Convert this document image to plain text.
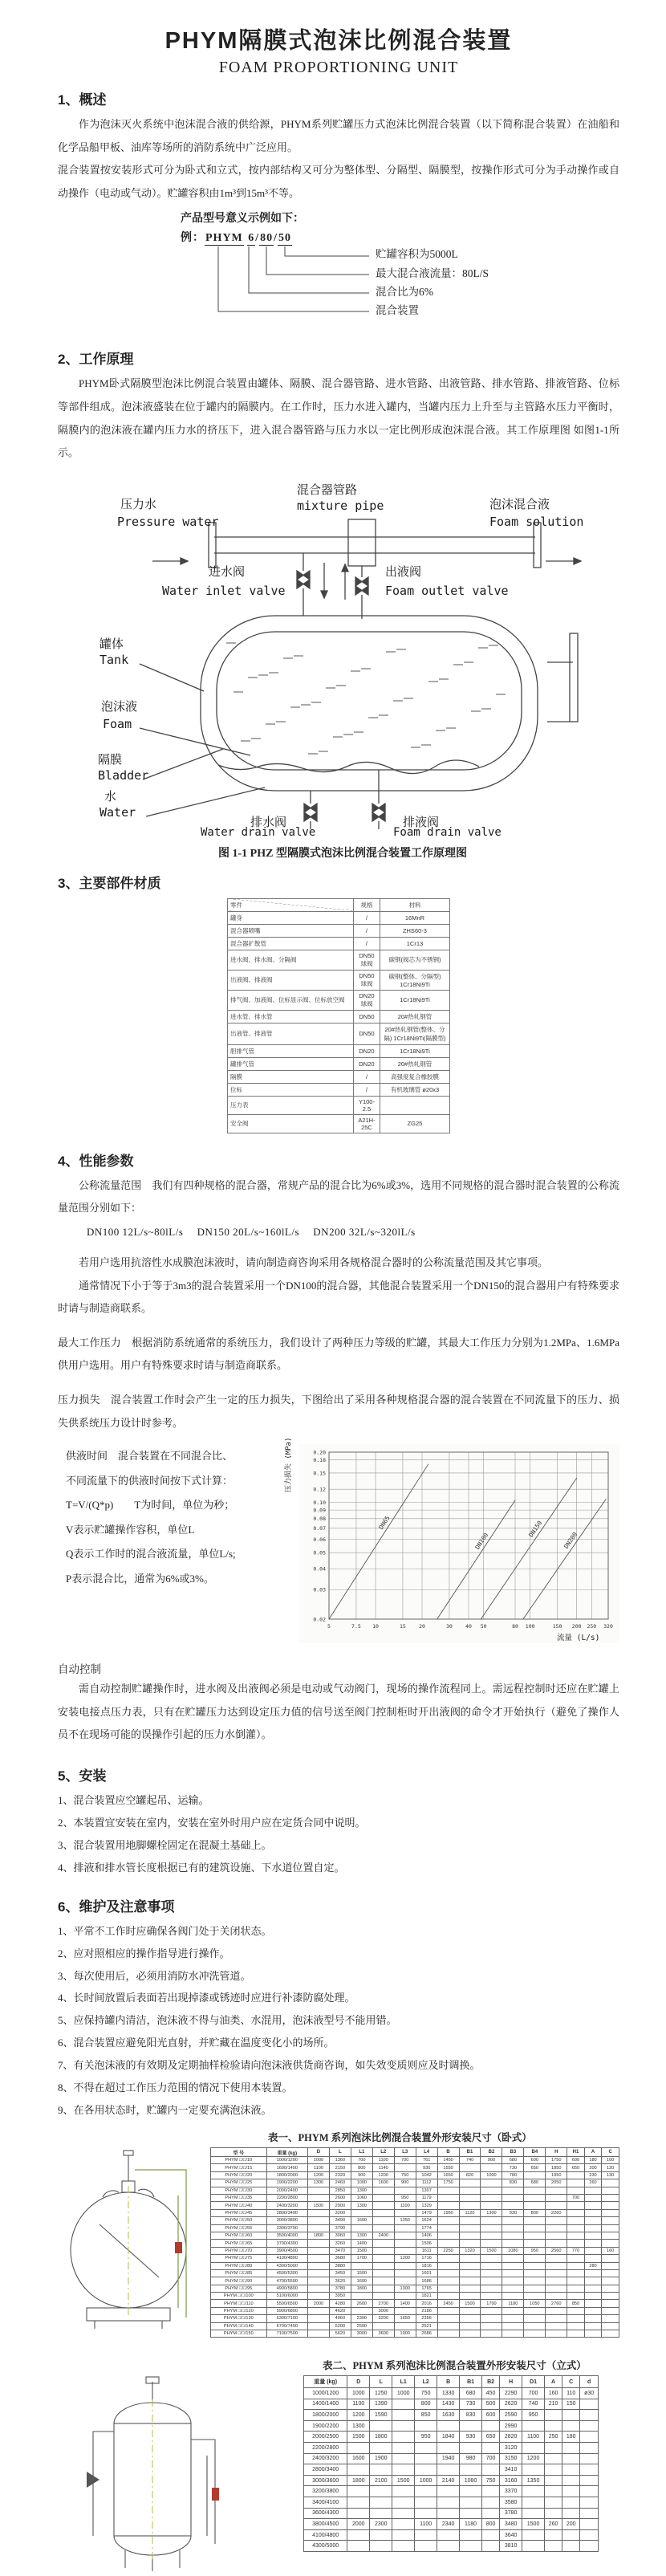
PHYM隔膜式泡沫比例混合装置
FOAM PROPORTIONING UNIT
1、概述
作为泡沫灭火系统中泡沫混合液的供给源，PHYM系列贮罐压力式泡沫比例混合装置（以下简称混合装置）在油船和化学品船甲板、油库等场所的消防系统中广泛应用。
混合装置按安装形式可分为卧式和立式，按内部结构又可分为整体型、分隔型、隔膜型，按操作形式可分为手动操作或自动操作（电动或气动）。贮罐容积由1m³到15m³不等。
产品型号意义示例如下：
例：PHYM 6/80/50
贮罐容积为5000L
最大混合液流量：80L/S
混合比为6%
混合装置
2、工作原理
PHYM卧式隔膜型泡沫比例混合装置由罐体、隔膜、混合器管路、进水管路、出液管路、排水管路、排液管路、位标等部件组成。泡沫液盛装在位于罐内的隔膜内。在工作时，压力水进入罐内，当罐内压力上升至与主管路水压力平衡时，隔膜内的泡沫液在罐内压力水的挤压下，进入混合器管路与压力水以一定比例形成泡沫混合液。其工作原理图 如图1-1所示。
压力水
Pressure water
混合器管路
mixture pipe	泡沫混合液
Foam solution
进水阀
Water inlet valve
出液阀
Foam outlet valve
罐体
Tank
泡沫液
Foam
隔膜
Bladder
水
Water
排水阀
Water drain valve
排液阀
Foam drain valve
图 1-1 PHZ 型隔膜式泡沫比例混合装置工作原理图
3、主要部件材质
零件	规格	材料
罐身	/	16MnR
混合器喷嘴	/	ZHS60-3
混合器扩散管	/	1Cr13
进水阀、排水阀、分隔阀	DN50 球阀	碳钢(阀芯为不锈钢)
出液阀、排液阀	DN50 球阀	碳钢(整体、分隔型) 1Cr18Ni9Ti
排气阀、加液阀、位标显示阀、位标放空阀	DN20 球阀	1Cr18Ni9Ti
进水管、排水管	DN50	20#热轧钢管
出液管、排液管	DN50	20#热轧钢管(整体、分隔) 1Cr18Ni9Ti(隔膜型)
胆排气管	DN20	1Cr18Ni9Ti
罐排气管	DN20	20#热轧钢管
隔膜	/	高强度复合橡胶膜
位标	/	有机玻璃管 ø20x3
压力表	Y100-2.5	
安全阀	A21H-25C	ZG25
4、性能参数
公称流量范围　我们有四种规格的混合器，常规产品的混合比为6%或3%，选用不同规格的混合器时混合装置的公称流量范围分别如下：
DN100 12L/s~80lL/s　 DN150 20L/s~160lL/s　 DN200 32L/s~320lL/s
若用户选用抗溶性水成膜泡沫液时，请向制造商咨询采用各规格混合器时的公称流量范围及其它事项。
通常情况下小于等于3m3的混合装置采用一个DN100的混合器，其他混合装置采用一个DN150的混合器用户有特殊要求时请与制造商联系。
最大工作压力　根据消防系统通常的系统压力，我们设计了两种压力等级的贮罐，其最大工作压力分别为1.2MPa、1.6MPa供用户选用。用户有特殊要求时请与制造商联系。
压力损失　混合装置工作时会产生一定的压力损失，下图给出了采用各种规格混合器的混合装置在不同流量下的压力、损失供系统压力设计时参考。
供液时间　混合装置在不同混合比、
不同流量下的供液时间按下式计算：
T=V/(Q*p)　　T为时间，单位为秒；
V表示贮罐操作容积，单位L
Q表示工作时的混合液流量，单位L/s;
P表示混合比，通常为6%或3%。
压力损失 (MPa)
5	7.5 10	15 20	30 40 50	80 100	150 200 250 320
0.02
0.03
0.04
0.05
0.06
0.07
0.08
0.09
0.10
0.12
0.15
0.18
0.20
DN65
DN100
DN150
DN200
流量 (L/s)
自动控制
需自动控制贮罐操作时，进水阀及出液阀必须是电动或气动阀门，现场的操作流程同上。需远程控制时还应在贮罐上安装电接点压力表，只有在贮罐压力达到设定压力值的信号送至阀门控制柜时开出液阀的命令才开始执行（避免了操作人员不在现场可能的误操作引起的压力水倒灌）。
5、安装
1、混合装置应空罐起吊、运输。
2、本装置宜安装在室内，安装在室外时用户应在定货合同中说明。
3、混合装置用地脚螺栓固定在混凝土基础上。
4、排液和排水管长度根据已有的建筑设施、下水道位置自定。
6、维护及注意事项
1、平常不工作时应确保各阀门处于关闭状态。
2、应对照相应的操作指导进行操作。
3、每次使用后，必须用消防水冲洗管道。
4、长时间放置后表面若出现掉漆或锈迹时应进行补漆防腐处理。
5、应保持罐内清洁，泡沫液不得与油类、水混用，泡沫液型号不能用错。
6、混合装置应避免阳光直射，并贮藏在温度变化小的场所。
7、有关泡沫液的有效期及定期抽样检验请向泡沫液供货商咨询，如失效变质则应及时调换。
8、不得在超过工作压力范围的情况下使用本装置。
9、在各用状态时，贮罐内一定要充满泡沫液。
表一、PHYM 系列泡沫比例混合装置外形安装尺寸（卧式）
型 号	重量 (kg)	D	L	L1	L2	L3	L4	B	B1	B2	B3	B4	H	H1	A	C
PHYM □/□/10	1000/1200	1000	1360	700	1100	700	761	1450	740	900	680	600	1750	600	180	100
PHYM □/□/15	1600/1400	1100	2150	800	1140		930	1550			730	650	1850	650	200	120
PHYM □/□/20	1800/2000	1200	2320	900	1200	750	1042	1650	820	1000	780		1950		230	130
PHYM □/□/25	1900/2200	1300	2460	1000	1600	900	1112	1750			830	680	2050		260	
PHYM □/□/30	2000/2400		2850	1300			1307									
PHYM □/□/35	2200/2800		2600	1060		950	1179							700		
PHYM □/□/40	2400/3200	1500	2900	1300		1100	1329									
PHYM □/□/45	2800/3400		3200				1479	1950	1120	1300	930	800	2260			
PHYM □/□/50	3000/3800		3490	1600		1250	1624									
PHYM □/□/55	3300/3700		3790				1774									
PHYM □/□/60	3500/4000	1800	3060	1300	2400		1406									
PHYM □/□/65	3700/4300		3260	1400			1506									
PHYM □/□/70	3900/4500		3470	1500			1611	2250	1320	1500	1080	950	2560	770		160
PHYM □/□/75	4100/4800		3680	1700		1200	1716									
PHYM □/□/80	4300/5000		3880				1816								280	
PHYM □/□/85	4500/5300		3450	1500			1601									
PHYM □/□/90	4700/5500		3620	1600			1686									
PHYM □/□/95	4900/5800		3780	1800		1300	1765									
PHYM □/□/100	5100/6000		3950				1821									
PHYM □/□/110	5500/6500	2000	4280	2600	2700	1400	2016	2450	1500	1700	1180	1050	2760	850		
PHYM □/□/120	5900/6800		4620		3000		2186									
PHYM □/□/130	6300/7100		4960	2300	3200	1650	2356									
PHYM □/□/140	6700/7400		5200	2500			2521									
PHYM □/□/150	7100/7500		5620	3000	3600	1900	2686									
表二、PHYM 系列泡沫比例混合装置外形安装尺寸（立式）
重量 (kg)	D	L	L1	L2	B	B1	B2	H	D1	A	C	d
1000/1200	1000	1250	1000	750	1330	680	450	2290	700	160	110	ø30
1400/1400	1100	1390		800	1430	730	500	2620	740	210	150	
1800/2000	1200	1590		850	1630	830	600	2590	950			
1900/2200	1300							2990				
2000/2500	1500	1800		950	1840	930	650	2820	1100	250	180	
2200/2800								3120				
2400/3200	1600	1900			1940	980	700	3150	1200			
2800/3400								3410				
3000/3600	1800	2100	1500	1000	2140	1080	750	3160	1350			
3200/3800								3370				
3400/4100								3580				
3600/4300								3780				
3800/4500	2000	2300		1100	2340	1180	800	3480	1500	260	200	
4100/4800								3640				
4300/5000								3810				
